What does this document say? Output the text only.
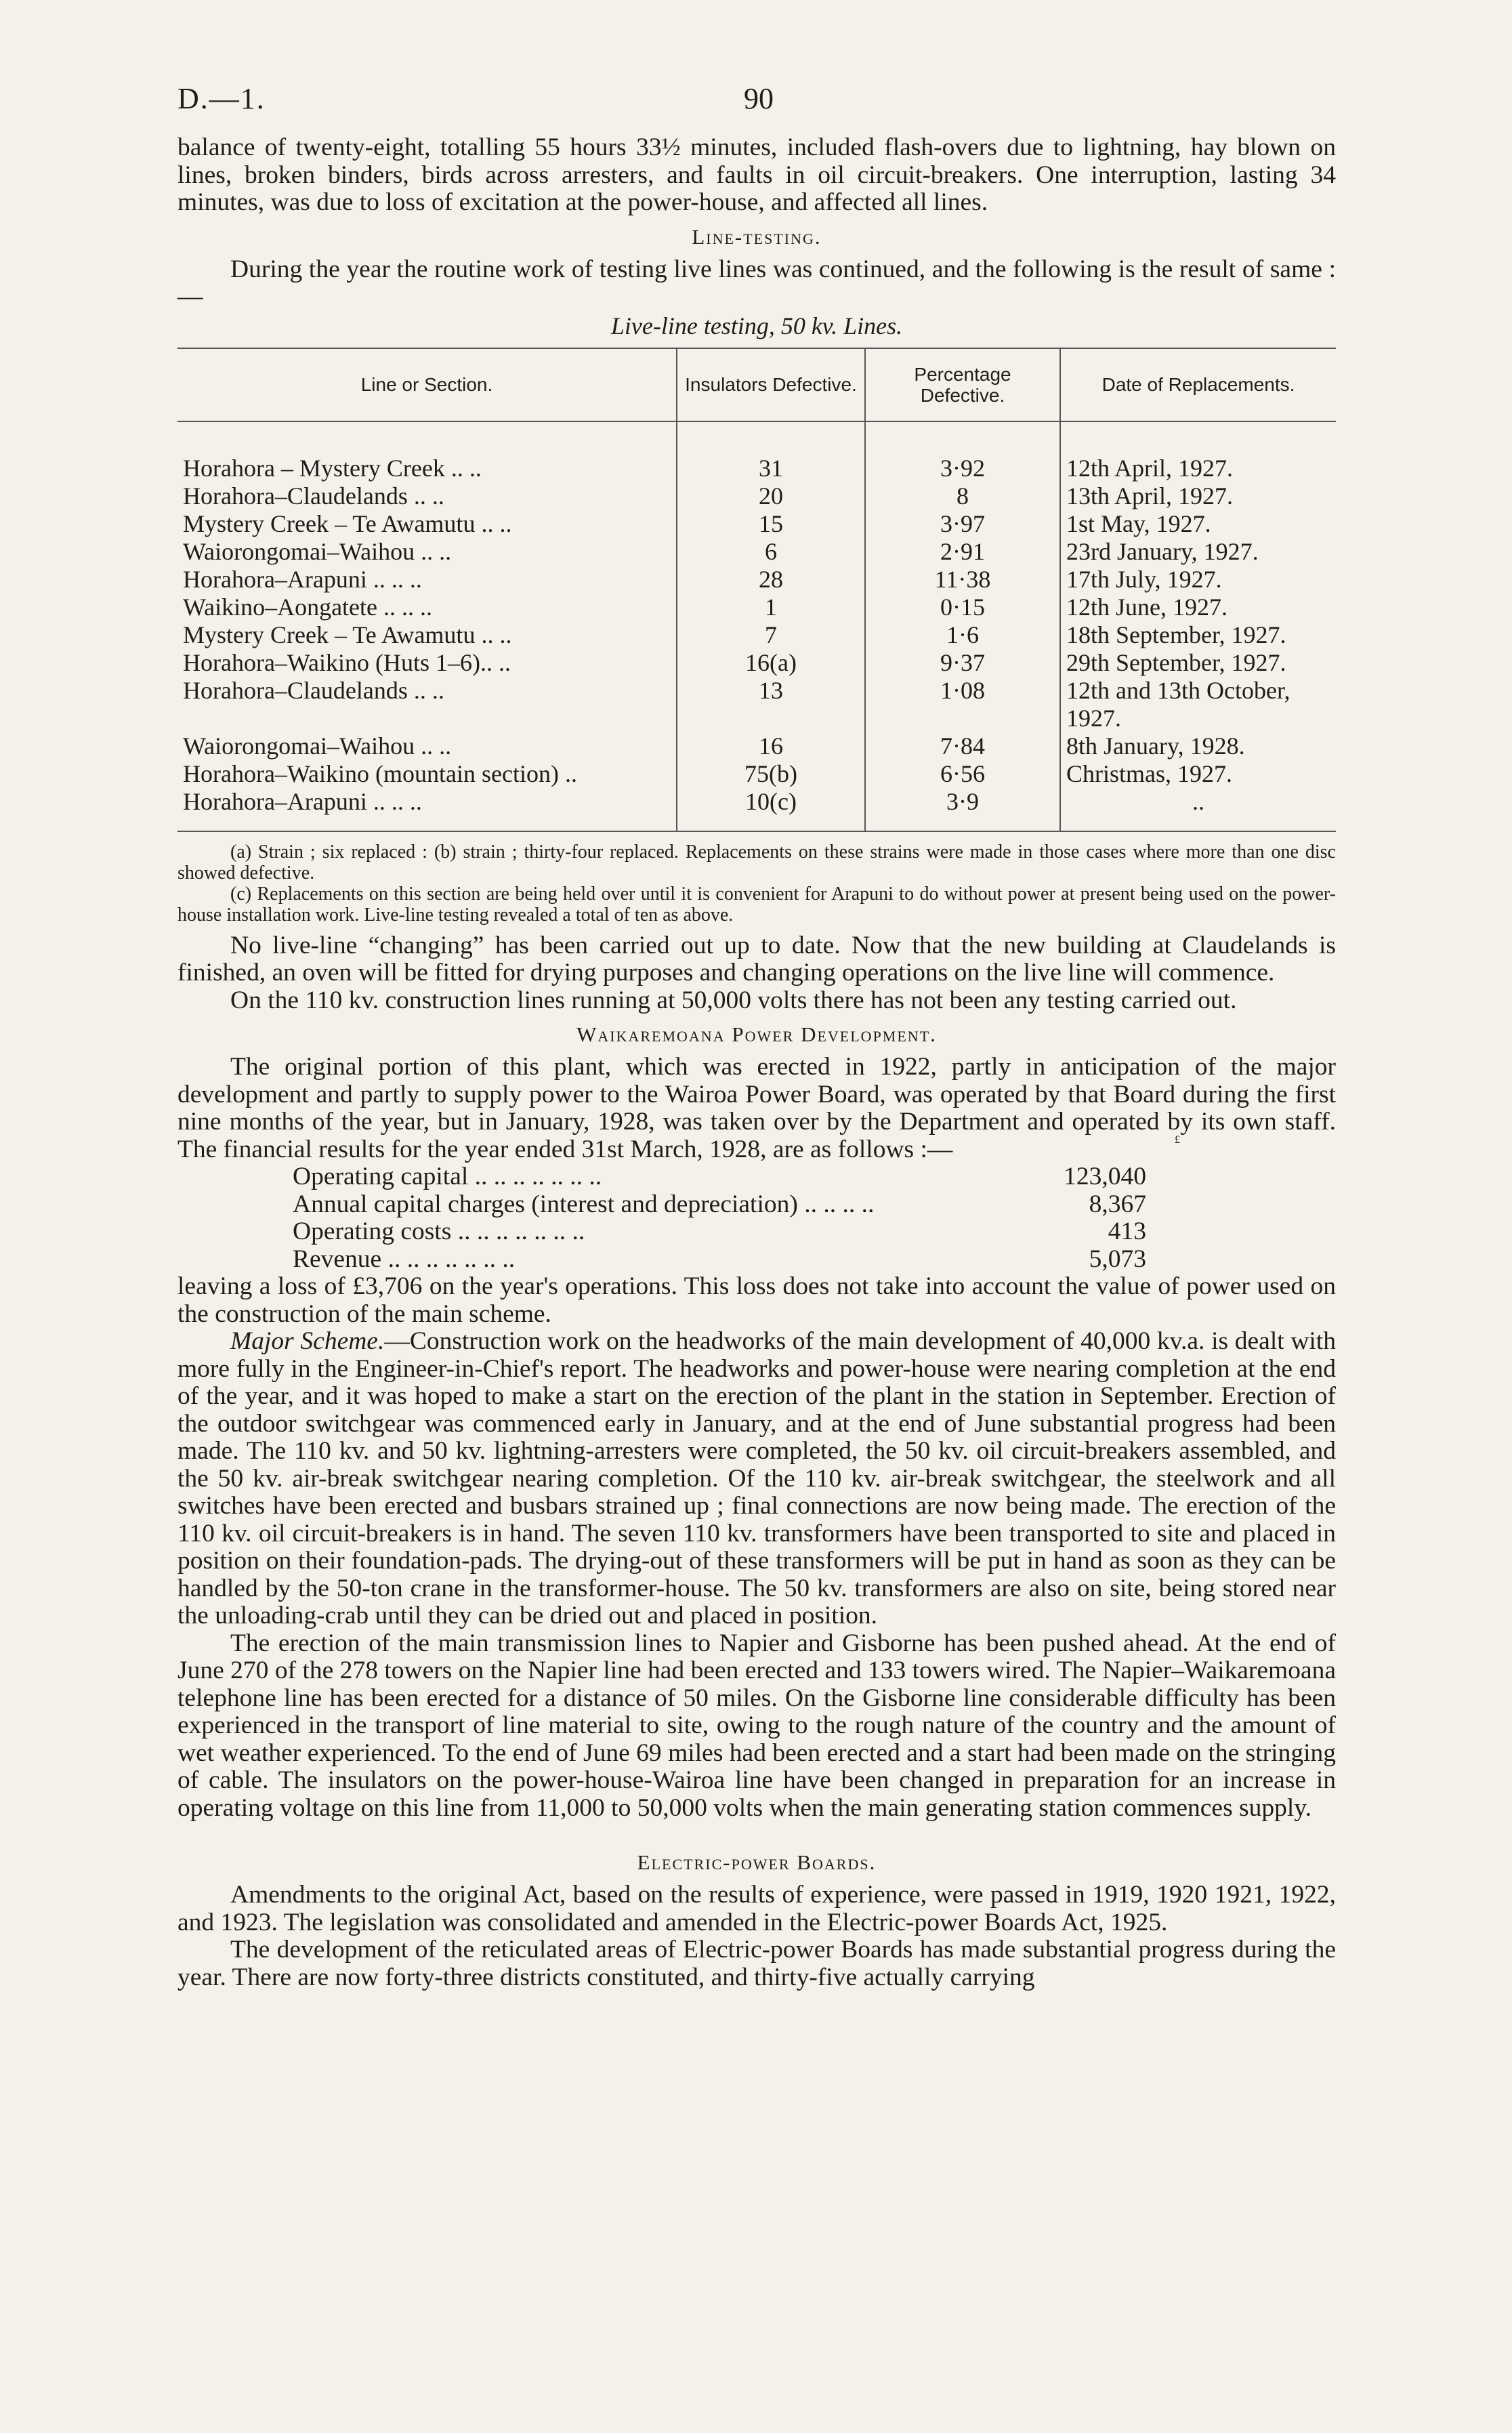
D.—1.	90

balance of twenty-eight, totalling 55 hours 33½ minutes, included flash-overs due to lightning, hay blown on lines, broken binders, birds across arresters, and faults in oil circuit-breakers. One interruption, lasting 34 minutes, was due to loss of excitation at the power-house, and affected all lines.

Line-testing.

During the year the routine work of testing live lines was continued, and the following is the result of same :—

Live-line testing, 50 kv. Lines.
Line or Section.	Insulators Defective.	Percentage Defective.	Date of Replacements.
Horahora – Mystery Creek .. ..	31	3·92	12th April, 1927.
Horahora–Claudelands .. ..	20	8	13th April, 1927.
Mystery Creek – Te Awamutu .. ..	15	3·97	1st May, 1927.
Waiorongomai–Waihou .. ..	6	2·91	23rd January, 1927.
Horahora–Arapuni .. .. ..	28	11·38	17th July, 1927.
Waikino–Aongatete .. .. ..	1	0·15	12th June, 1927.
Mystery Creek – Te Awamutu .. ..	7	1·6	18th September, 1927.
Horahora–Waikino (Huts 1–6).. ..	16(a)	9·37	29th September, 1927.
Horahora–Claudelands .. ..	13	1·08	12th and 13th October, 1927.
Waiorongomai–Waihou .. ..	16	7·84	8th January, 1928.
Horahora–Waikino (mountain section) ..	75(b)	6·56	Christmas, 1927.
Horahora–Arapuni .. .. ..	10(c)	3·9	..

(a) Strain ; six replaced : (b) strain ; thirty-four replaced. Replacements on these strains were made in those cases where more than one disc showed defective.

(c) Replacements on this section are being held over until it is convenient for Arapuni to do without power at present being used on the power-house installation work. Live-line testing revealed a total of ten as above.

No live-line “changing” has been carried out up to date. Now that the new building at Claudelands is finished, an oven will be fitted for drying purposes and changing operations on the live line will commence.

On the 110 kv. construction lines running at 50,000 volts there has not been any testing carried out.

Waikaremoana Power Development.

The original portion of this plant, which was erected in 1922, partly in anticipation of the major development and partly to supply power to the Wairoa Power Board, was operated by that Board during the first nine months of the year, but in January, 1928, was taken over by the Department and operated by its own staff. The financial results for the year ended 31st March, 1928, are as follows :—

Operating capital .. .. .. .. .. .. ..	123,040
Annual capital charges (interest and depreciation) .. .. .. ..	8,367
Operating costs .. .. .. .. .. .. ..	413
Revenue .. .. .. .. .. .. ..	5,073
£

leaving a loss of £3,706 on the year's operations. This loss does not take into account the value of power used on the construction of the main scheme.

Major Scheme.—Construction work on the headworks of the main development of 40,000 kv.a. is dealt with more fully in the Engineer-in-Chief's report. The headworks and power-house were nearing completion at the end of the year, and it was hoped to make a start on the erection of the plant in the station in September. Erection of the outdoor switchgear was commenced early in January, and at the end of June substantial progress had been made. The 110 kv. and 50 kv. lightning-arresters were completed, the 50 kv. oil circuit-breakers assembled, and the 50 kv. air-break switchgear nearing completion. Of the 110 kv. air-break switchgear, the steelwork and all switches have been erected and busbars strained up ; final connections are now being made. The erection of the 110 kv. oil circuit-breakers is in hand. The seven 110 kv. transformers have been transported to site and placed in position on their foundation-pads. The drying-out of these transformers will be put in hand as soon as they can be handled by the 50-ton crane in the transformer-house. The 50 kv. transformers are also on site, being stored near the unloading-crab until they can be dried out and placed in position.

The erection of the main transmission lines to Napier and Gisborne has been pushed ahead. At the end of June 270 of the 278 towers on the Napier line had been erected and 133 towers wired. The Napier–Waikaremoana telephone line has been erected for a distance of 50 miles. On the Gisborne line considerable difficulty has been experienced in the transport of line material to site, owing to the rough nature of the country and the amount of wet weather experienced. To the end of June 69 miles had been erected and a start had been made on the stringing of cable. The insulators on the power-house-Wairoa line have been changed in preparation for an increase in operating voltage on this line from 11,000 to 50,000 volts when the main generating station commences supply.

Electric-power Boards.

Amendments to the original Act, based on the results of experience, were passed in 1919, 1920 1921, 1922, and 1923. The legislation was consolidated and amended in the Electric-power Boards Act, 1925.

The development of the reticulated areas of Electric-power Boards has made substantial progress during the year. There are now forty-three districts constituted, and thirty-five actually carrying
